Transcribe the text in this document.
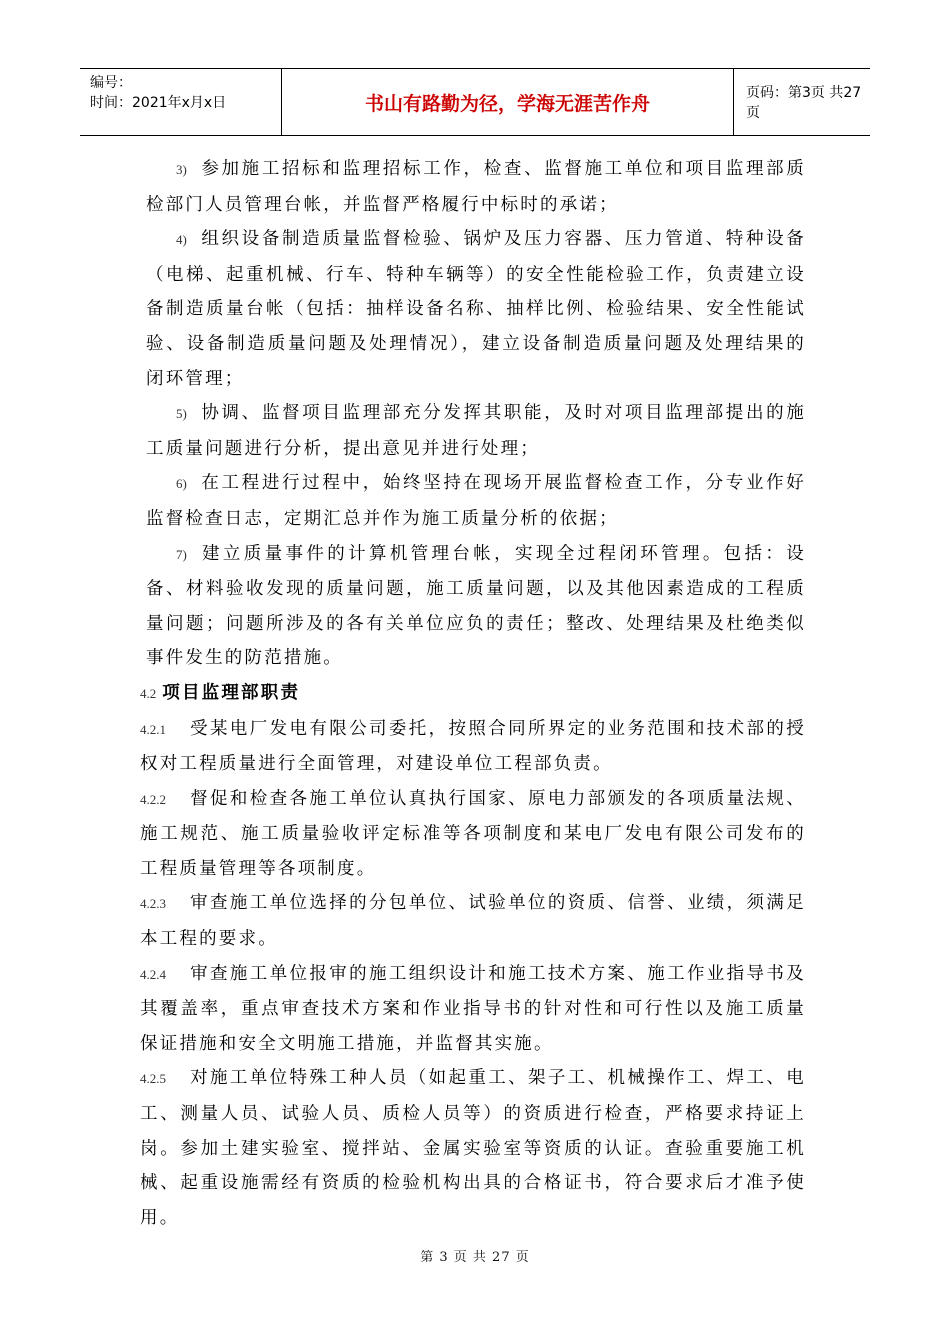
编号：
时间：2021年x月x日	书山有路勤为径，学海无涯苦作舟	页码：第3页 共27页

3) 参加施工招标和监理招标工作，检查、监督施工单位和项目监理部质检部门人员管理台帐，并监督严格履行中标时的承诺；

4) 组织设备制造质量监督检验、锅炉及压力容器、压力管道、特种设备（电梯、起重机械、行车、特种车辆等）的安全性能检验工作，负责建立设备制造质量台帐（包括：抽样设备名称、抽样比例、检验结果、安全性能试验、设备制造质量问题及处理情况），建立设备制造质量问题及处理结果的闭环管理；

5) 协调、监督项目监理部充分发挥其职能，及时对项目监理部提出的施工质量问题进行分析，提出意见并进行处理；

6) 在工程进行过程中，始终坚持在现场开展监督检查工作，分专业作好监督检查日志，定期汇总并作为施工质量分析的依据；

7) 建立质量事件的计算机管理台帐，实现全过程闭环管理。包括：设备、材料验收发现的质量问题，施工质量问题，以及其他因素造成的工程质量问题；问题所涉及的各有关单位应负的责任；整改、处理结果及杜绝类似事件发生的防范措施。

4.2 项目监理部职责

4.2.1 受某电厂发电有限公司委托，按照合同所界定的业务范围和技术部的授权对工程质量进行全面管理，对建设单位工程部负责。

4.2.2 督促和检查各施工单位认真执行国家、原电力部颁发的各项质量法规、施工规范、施工质量验收评定标准等各项制度和某电厂发电有限公司发布的工程质量管理等各项制度。

4.2.3 审查施工单位选择的分包单位、试验单位的资质、信誉、业绩，须满足本工程的要求。

4.2.4 审查施工单位报审的施工组织设计和施工技术方案、施工作业指导书及其覆盖率，重点审查技术方案和作业指导书的针对性和可行性以及施工质量保证措施和安全文明施工措施，并监督其实施。

4.2.5 对施工单位特殊工种人员（如起重工、架子工、机械操作工、焊工、电工、测量人员、试验人员、质检人员等）的资质进行检查，严格要求持证上岗。参加土建实验室、搅拌站、金属实验室等资质的认证。查验重要施工机械、起重设施需经有资质的检验机构出具的合格证书，符合要求后才准予使用。

第 3 页 共 27 页
